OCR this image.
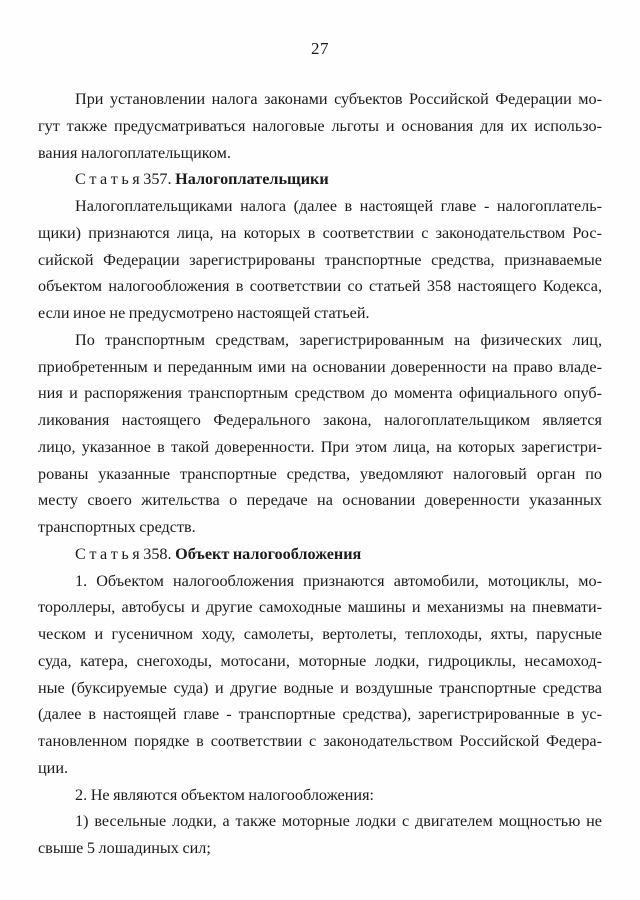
27
При установлении налога законами субъектов Российской Федерации мо-
гут также предусматриваться налоговые льготы и основания для их использо-
вания налогоплательщиком.
С т а т ь я 357. Налогоплательщики
Налогоплательщиками налога (далее в настоящей главе - налогоплатель-
щики) признаются лица, на которых в соответствии с законодательством Рос-
сийской Федерации зарегистрированы транспортные средства, признаваемые
объектом налогообложения в соответствии со статьей 358 настоящего Кодекса,
если иное не предусмотрено настоящей статьей.
По транспортным средствам, зарегистрированным на физических лиц,
приобретенным и переданным ими на основании доверенности на право владе-
ния и распоряжения транспортным средством до момента официального опуб-
ликования настоящего Федерального закона, налогоплательщиком является
лицо, указанное в такой доверенности. При этом лица, на которых зарегистри-
рованы указанные транспортные средства, уведомляют налоговый орган по
месту своего жительства о передаче на основании доверенности указанных
транспортных средств.
С т а т ь я 358. Объект налогообложения
1. Объектом налогообложения признаются автомобили, мотоциклы, мо-
тороллеры, автобусы и другие самоходные машины и механизмы на пневмати-
ческом и гусеничном ходу, самолеты, вертолеты, теплоходы, яхты, парусные
суда, катера, снегоходы, мотосани, моторные лодки, гидроциклы, несамоход-
ные (буксируемые суда) и другие водные и воздушные транспортные средства
(далее в настоящей главе - транспортные средства), зарегистрированные в ус-
тановленном порядке в соответствии с законодательством Российской Федера-
ции.
2. Не являются объектом налогообложения:
1) весельные лодки, а также моторные лодки с двигателем мощностью не
свыше 5 лошадиных сил;
